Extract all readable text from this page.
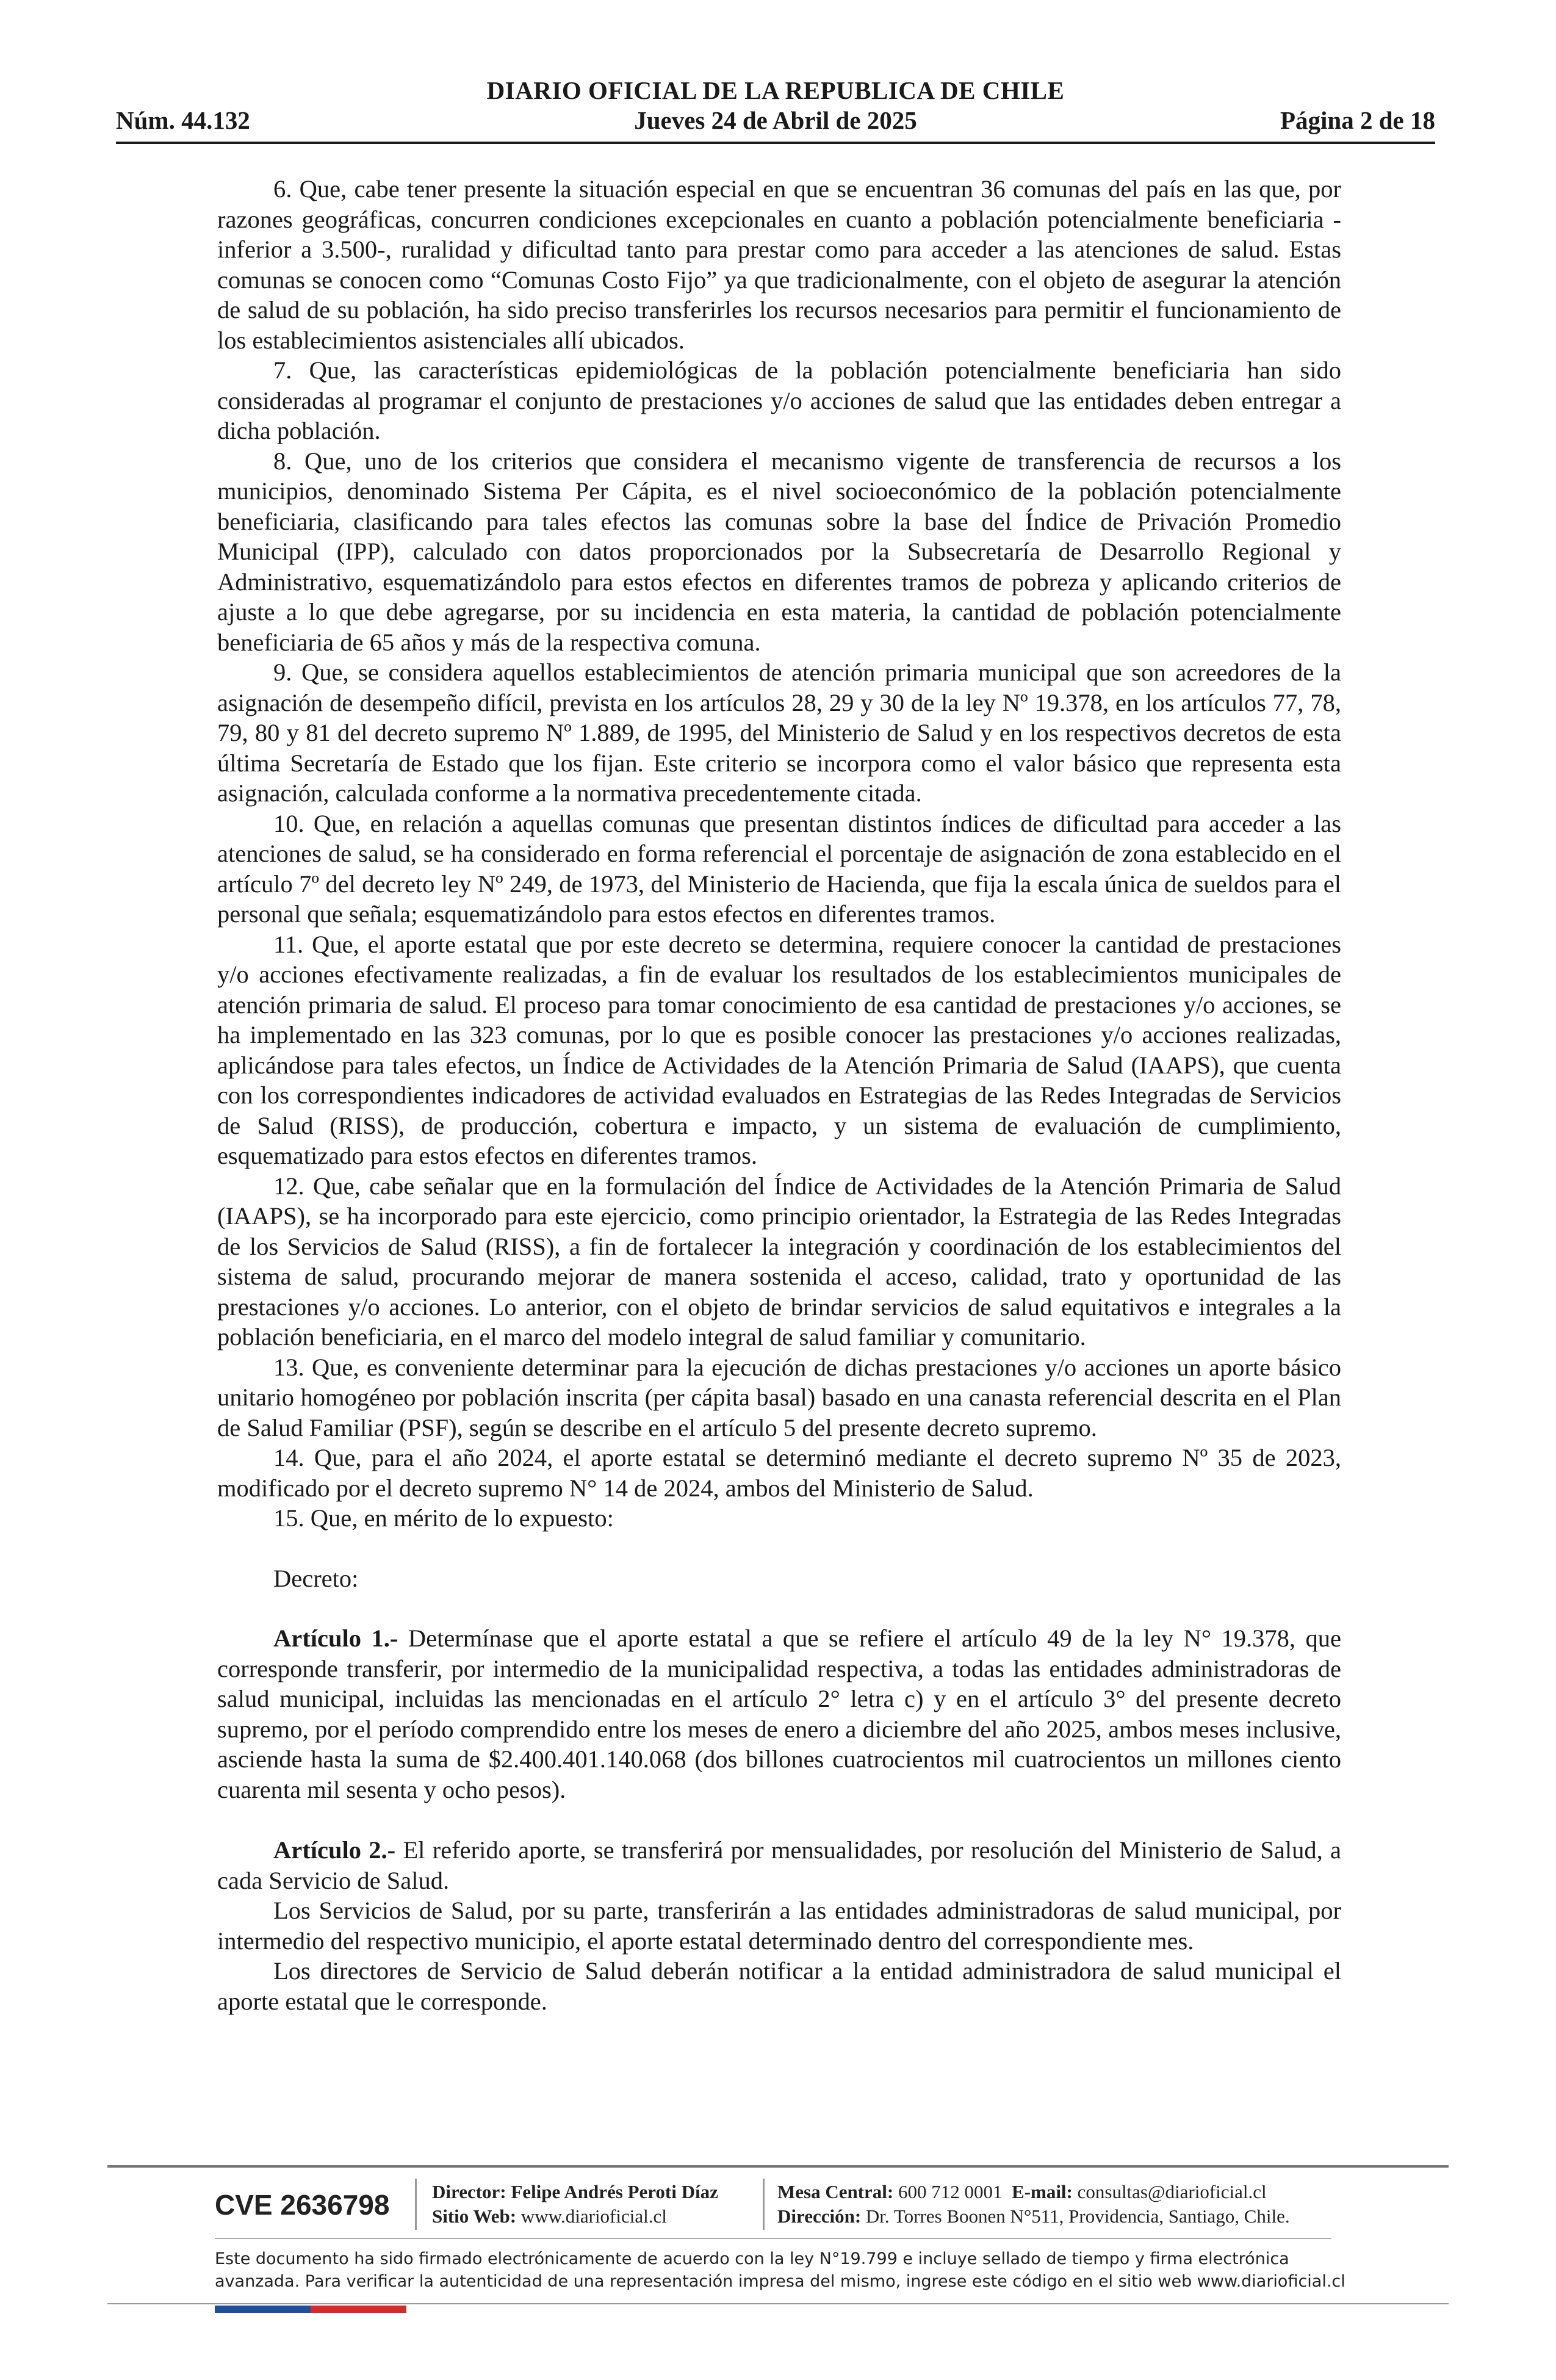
DIARIO OFICIAL DE LA REPUBLICA DE CHILE
Núm. 44.132	Jueves 24 de Abril de 2025	Página 2 de 18

6. Que, cabe tener presente la situación especial en que se encuentran 36 comunas del país en las que, por razones geográficas, concurren condiciones excepcionales en cuanto a población potencialmente beneficiaria -inferior a 3.500-, ruralidad y dificultad tanto para prestar como para acceder a las atenciones de salud. Estas comunas se conocen como “Comunas Costo Fijo” ya que tradicionalmente, con el objeto de asegurar la atención de salud de su población, ha sido preciso transferirles los recursos necesarios para permitir el funcionamiento de los establecimientos asistenciales allí ubicados.

7. Que, las características epidemiológicas de la población potencialmente beneficiaria han sido consideradas al programar el conjunto de prestaciones y/o acciones de salud que las entidades deben entregar a dicha población.

8. Que, uno de los criterios que considera el mecanismo vigente de transferencia de recursos a los municipios, denominado Sistema Per Cápita, es el nivel socioeconómico de la población potencialmente beneficiaria, clasificando para tales efectos las comunas sobre la base del Índice de Privación Promedio Municipal (IPP), calculado con datos proporcionados por la Subsecretaría de Desarrollo Regional y Administrativo, esquematizándolo para estos efectos en diferentes tramos de pobreza y aplicando criterios de ajuste a lo que debe agregarse, por su incidencia en esta materia, la cantidad de población potencialmente beneficiaria de 65 años y más de la respectiva comuna.

9. Que, se considera aquellos establecimientos de atención primaria municipal que son acreedores de la asignación de desempeño difícil, prevista en los artículos 28, 29 y 30 de la ley Nº 19.378, en los artículos 77, 78, 79, 80 y 81 del decreto supremo Nº 1.889, de 1995, del Ministerio de Salud y en los respectivos decretos de esta última Secretaría de Estado que los fijan. Este criterio se incorpora como el valor básico que representa esta asignación, calculada conforme a la normativa precedentemente citada.

10. Que, en relación a aquellas comunas que presentan distintos índices de dificultad para acceder a las atenciones de salud, se ha considerado en forma referencial el porcentaje de asignación de zona establecido en el artículo 7º del decreto ley Nº 249, de 1973, del Ministerio de Hacienda, que fija la escala única de sueldos para el personal que señala; esquematizándolo para estos efectos en diferentes tramos.

11. Que, el aporte estatal que por este decreto se determina, requiere conocer la cantidad de prestaciones y/o acciones efectivamente realizadas, a fin de evaluar los resultados de los establecimientos municipales de atención primaria de salud. El proceso para tomar conocimiento de esa cantidad de prestaciones y/o acciones, se ha implementado en las 323 comunas, por lo que es posible conocer las prestaciones y/o acciones realizadas, aplicándose para tales efectos, un Índice de Actividades de la Atención Primaria de Salud (IAAPS), que cuenta con los correspondientes indicadores de actividad evaluados en Estrategias de las Redes Integradas de Servicios de Salud (RISS), de producción, cobertura e impacto, y un sistema de evaluación de cumplimiento, esquematizado para estos efectos en diferentes tramos.

12. Que, cabe señalar que en la formulación del Índice de Actividades de la Atención Primaria de Salud (IAAPS), se ha incorporado para este ejercicio, como principio orientador, la Estrategia de las Redes Integradas de los Servicios de Salud (RISS), a fin de fortalecer la integración y coordinación de los establecimientos del sistema de salud, procurando mejorar de manera sostenida el acceso, calidad, trato y oportunidad de las prestaciones y/o acciones. Lo anterior, con el objeto de brindar servicios de salud equitativos e integrales a la población beneficiaria, en el marco del modelo integral de salud familiar y comunitario.

13. Que, es conveniente determinar para la ejecución de dichas prestaciones y/o acciones un aporte básico unitario homogéneo por población inscrita (per cápita basal) basado en una canasta referencial descrita en el Plan de Salud Familiar (PSF), según se describe en el artículo 5 del presente decreto supremo.

14. Que, para el año 2024, el aporte estatal se determinó mediante el decreto supremo Nº 35 de 2023, modificado por el decreto supremo N° 14 de 2024, ambos del Ministerio de Salud.

15. Que, en mérito de lo expuesto:

Decreto:

Artículo 1.- Determínase que el aporte estatal a que se refiere el artículo 49 de la ley N° 19.378, que corresponde transferir, por intermedio de la municipalidad respectiva, a todas las entidades administradoras de salud municipal, incluidas las mencionadas en el artículo 2° letra c) y en el artículo 3° del presente decreto supremo, por el período comprendido entre los meses de enero a diciembre del año 2025, ambos meses inclusive, asciende hasta la suma de $2.400.401.140.068 (dos billones cuatrocientos mil cuatrocientos un millones ciento cuarenta mil sesenta y ocho pesos).

Artículo 2.- El referido aporte, se transferirá por mensualidades, por resolución del Ministerio de Salud, a cada Servicio de Salud.

Los Servicios de Salud, por su parte, transferirán a las entidades administradoras de salud municipal, por intermedio del respectivo municipio, el aporte estatal determinado dentro del correspondiente mes.

Los directores de Servicio de Salud deberán notificar a la entidad administradora de salud municipal el aporte estatal que le corresponde.

CVE 2636798 Director: Felipe Andrés Peroti Díaz
Sitio Web: www.diarioficial.cl
Mesa Central: 600 712 0001 E-mail: consultas@diarioficial.cl
Dirección: Dr. Torres Boonen N°511, Providencia, Santiago, Chile.
Este documento ha sido firmado electrónicamente de acuerdo con la ley N°19.799 e incluye sellado de tiempo y firma electrónica avanzada. Para verificar la autenticidad de una representación impresa del mismo, ingrese este código en el sitio web www.diarioficial.cl
